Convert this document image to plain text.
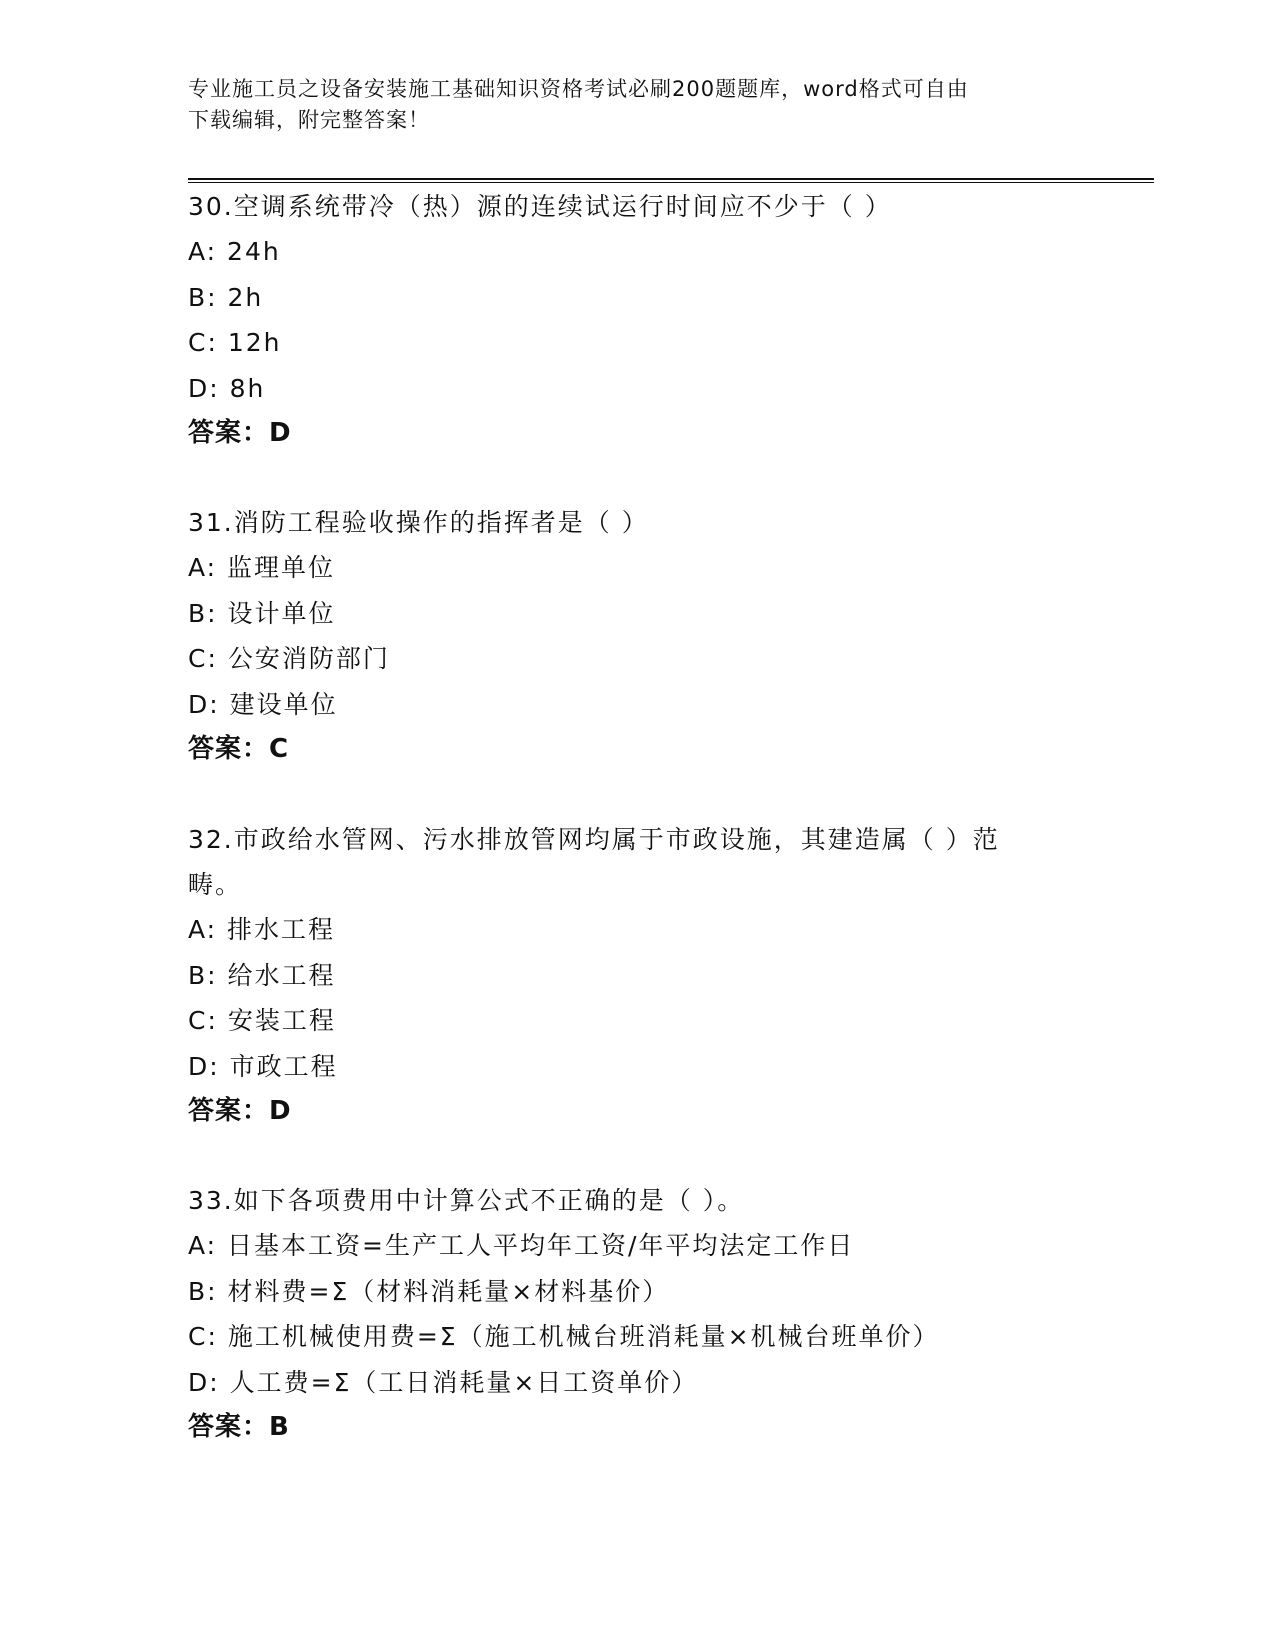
专业施工员之设备安装施工基础知识资格考试必刷200题题库，word格式可自由
下载编辑，附完整答案！
30.空调系统带冷（热）源的连续试运行时间应不少于（ ）
A: 24h
B: 2h
C: 12h
D: 8h
答案：D
31.消防工程验收操作的指挥者是（ ）
A: 监理单位
B: 设计单位
C: 公安消防部门
D: 建设单位
答案：C
32.市政给水管网、污水排放管网均属于市政设施，其建造属（ ）范
畴。
A: 排水工程
B: 给水工程
C: 安装工程
D: 市政工程
答案：D
33.如下各项费用中计算公式不正确的是（ ）。
A: 日基本工资=生产工人平均年工资/年平均法定工作日
B: 材料费=Σ（材料消耗量×材料基价）
C: 施工机械使用费=Σ（施工机械台班消耗量×机械台班单价）
D: 人工费=Σ（工日消耗量×日工资单价）
答案：B
